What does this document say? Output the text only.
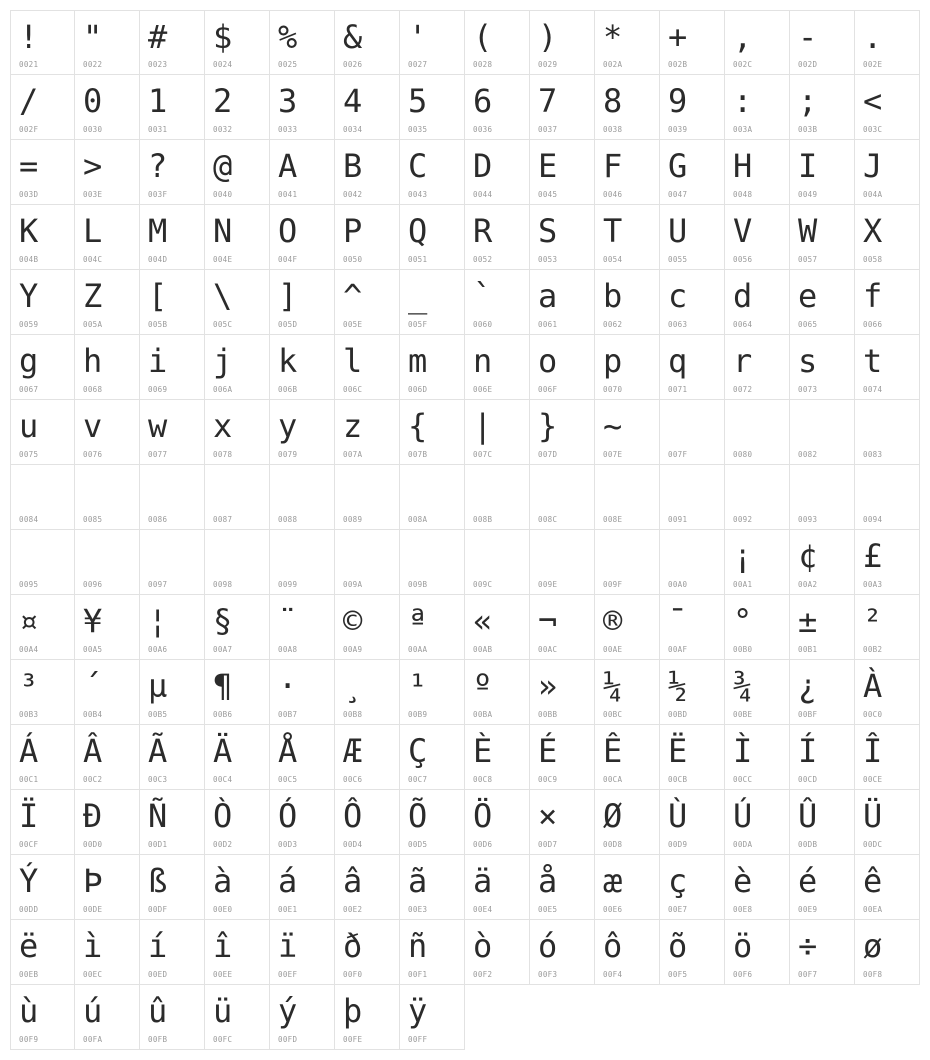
!
0021
"
0022
#
0023
$
0024
%
0025
&
0026
'
0027
(
0028
)
0029
*
002A
+
002B
,
002C
-
002D
.
002E
/
002F
0
0030
1
0031
2
0032
3
0033
4
0034
5
0035
6
0036
7
0037
8
0038
9
0039
:
003A
;
003B
<
003C
=
003D
>
003E
?
003F
@
0040
A
0041
B
0042
C
0043
D
0044
E
0045
F
0046
G
0047
H
0048
I
0049
J
004A
K
004B
L
004C
M
004D
N
004E
O
004F
P
0050
Q
0051
R
0052
S
0053
T
0054
U
0055
V
0056
W
0057
X
0058
Y
0059
Z
005A
[
005B
\
005C
]
005D
^
005E
_
005F
`
0060
a
0061
b
0062
c
0063
d
0064
e
0065
f
0066
g
0067
h
0068
i
0069
j
006A
k
006B
l
006C
m
006D
n
006E
o
006F
p
0070
q
0071
r
0072
s
0073
t
0074
u
0075
v
0076
w
0077
x
0078
y
0079
z
007A
{
007B
|
007C
}
007D
~
007E	007F	0080	0082	0083
0084	0085	0086	0087	0088	0089	008A	008B	008C	008E	0091	0092	0093	0094
0095	0096	0097	0098	0099	009A	009B	009C	009E	009F	00A0
¡
00A1
¢
00A2
£
00A3
¤
00A4
¥
00A5
¦
00A6
§
00A7
¨
00A8
©
00A9
ª
00AA
«
00AB
¬
00AC
®
00AE
¯
00AF
°
00B0
±
00B1
²
00B2
³
00B3
´
00B4
µ
00B5
¶
00B6
·
00B7
¸
00B8
¹
00B9
º
00BA
»
00BB
¼
00BC
½
00BD
¾
00BE
¿
00BF
À
00C0
Á
00C1
Â
00C2
Ã
00C3
Ä
00C4
Å
00C5
Æ
00C6
Ç
00C7
È
00C8
É
00C9
Ê
00CA
Ë
00CB
Ì
00CC
Í
00CD
Î
00CE
Ï
00CF
Ð
00D0
Ñ
00D1
Ò
00D2
Ó
00D3
Ô
00D4
Õ
00D5
Ö
00D6
×
00D7
Ø
00D8
Ù
00D9
Ú
00DA
Û
00DB
Ü
00DC
Ý
00DD
Þ
00DE
ß
00DF
à
00E0
á
00E1
â
00E2
ã
00E3
ä
00E4
å
00E5
æ
00E6
ç
00E7
è
00E8
é
00E9
ê
00EA
ë
00EB
ì
00EC
í
00ED
î
00EE
ï
00EF
ð
00F0
ñ
00F1
ò
00F2
ó
00F3
ô
00F4
õ
00F5
ö
00F6
÷
00F7
ø
00F8
ù
00F9
ú
00FA
û
00FB
ü
00FC
ý
00FD
þ
00FE
ÿ
00FF
